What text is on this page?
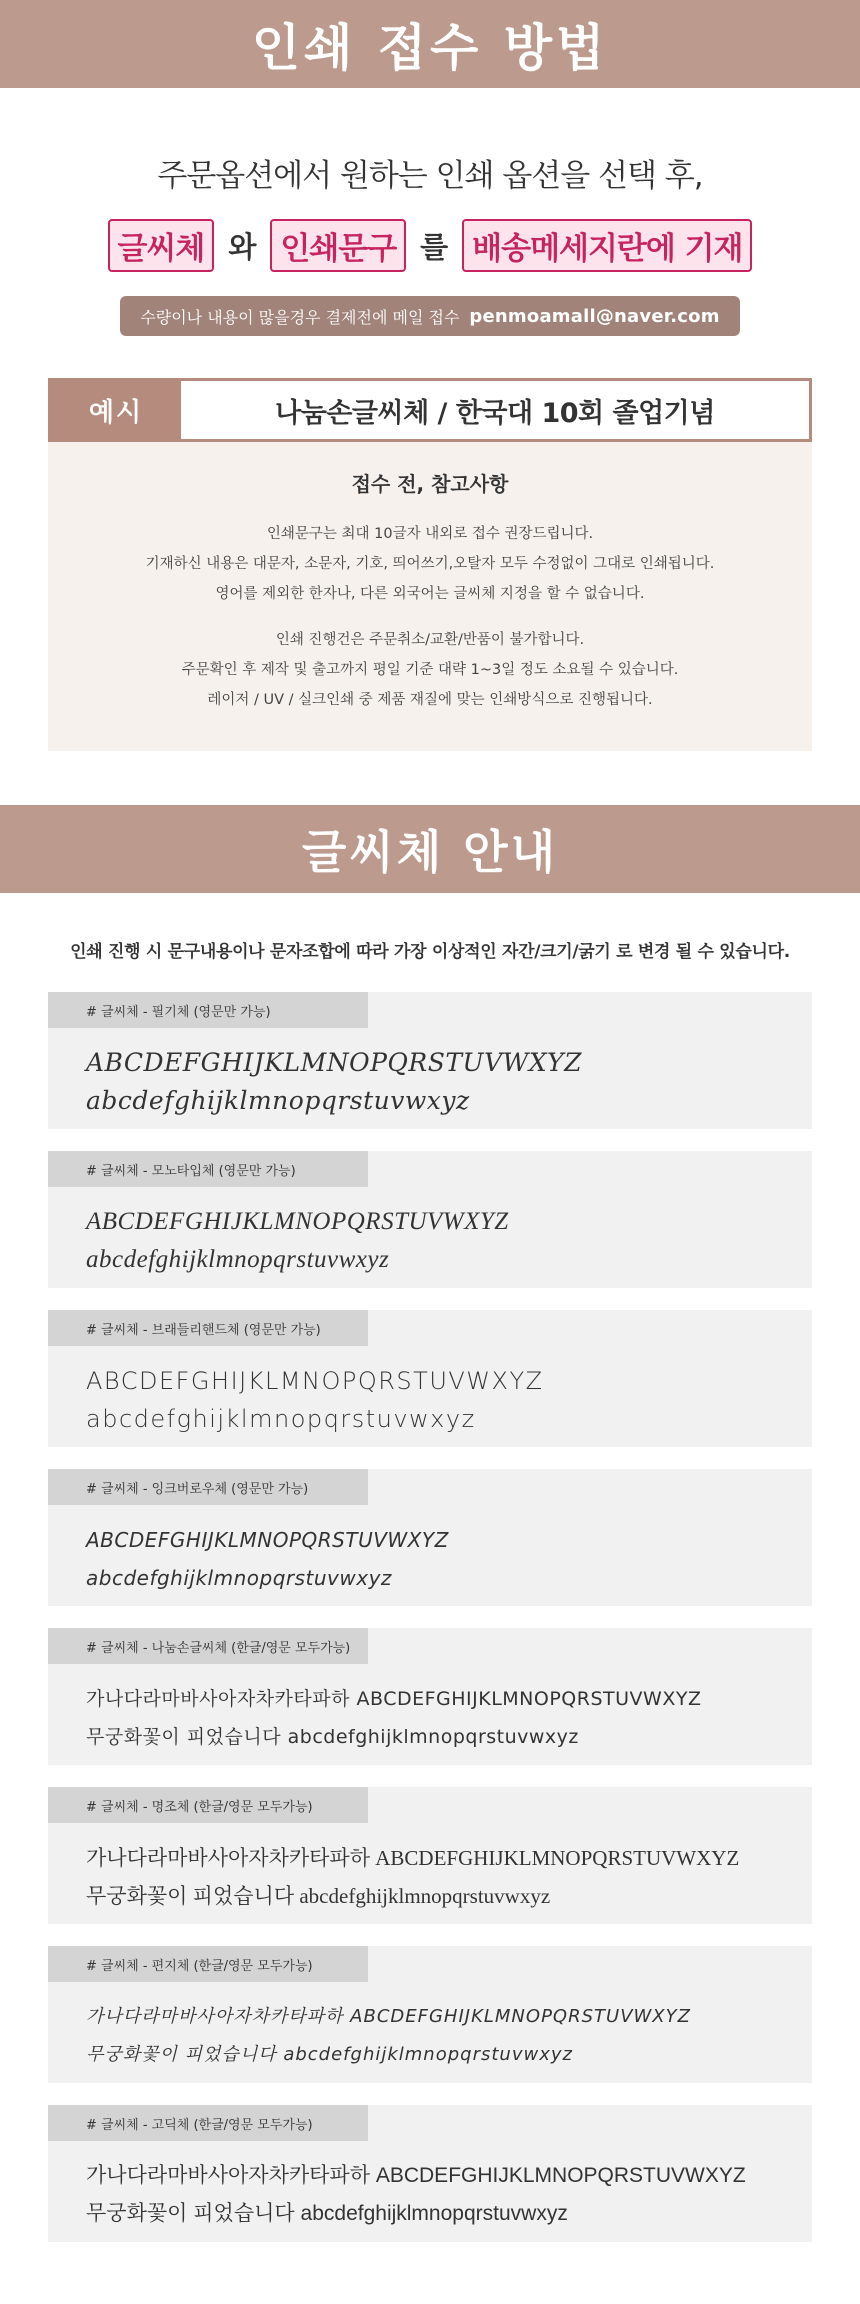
인쇄 접수 방법
주문옵션에서 원하는 인쇄 옵션을 선택 후,
글씨체 와 인쇄문구 를 배송메세지란에 기재
수량이나 내용이 많을경우 결제전에 메일 접수 penmoamall@naver.com
예시	나눔손글씨체 / 한국대 10회 졸업기념
접수 전, 참고사항

인쇄문구는 최대 10글자 내외로 접수 권장드립니다.

기재하신 내용은 대문자, 소문자, 기호, 띄어쓰기,오탈자 모두 수정없이 그대로 인쇄됩니다.

영어를 제외한 한자나, 다른 외국어는 글씨체 지정을 할 수 없습니다.

인쇄 진행건은 주문취소/교환/반품이 불가합니다.

주문확인 후 제작 및 출고까지 평일 기준 대략 1~3일 정도 소요될 수 있습니다.

레이저 / UV / 실크인쇄 중 제품 재질에 맞는 인쇄방식으로 진행됩니다.

글씨체 안내
인쇄 진행 시 문구내용이나 문자조합에 따라 가장 이상적인 자간/크기/굵기 로 변경 될 수 있습니다.
# 글씨체 - 필기체 (영문만 가능)
ABCDEFGHIJKLMNOPQRSTUVWXYZ
abcdefghijklmnopqrstuvwxyz
# 글씨체 - 모노타입체 (영문만 가능)
ABCDEFGHIJKLMNOPQRSTUVWXYZ
abcdefghijklmnopqrstuvwxyz
# 글씨체 - 브래들리핸드체 (영문만 가능)
ABCDEFGHIJKLMNOPQRSTUVWXYZ
abcdefghijklmnopqrstuvwxyz
# 글씨체 - 잉크버로우체 (영문만 가능)
ABCDEFGHIJKLMNOPQRSTUVWXYZ
abcdefghijklmnopqrstuvwxyz
# 글씨체 - 나눔손글씨체 (한글/영문 모두가능)
가나다라마바사아자차카타파하 ABCDEFGHIJKLMNOPQRSTUVWXYZ
무궁화꽃이 피었습니다 abcdefghijklmnopqrstuvwxyz
# 글씨체 - 명조체 (한글/영문 모두가능)
가나다라마바사아자차카타파하 ABCDEFGHIJKLMNOPQRSTUVWXYZ
무궁화꽃이 피었습니다 abcdefghijklmnopqrstuvwxyz
# 글씨체 - 편지체 (한글/영문 모두가능)
가나다라마바사아자차카타파하 ABCDEFGHIJKLMNOPQRSTUVWXYZ
무궁화꽃이 피었습니다 abcdefghijklmnopqrstuvwxyz
# 글씨체 - 고딕체 (한글/영문 모두가능)
가나다라마바사아자차카타파하 ABCDEFGHIJKLMNOPQRSTUVWXYZ
무궁화꽃이 피었습니다 abcdefghijklmnopqrstuvwxyz
